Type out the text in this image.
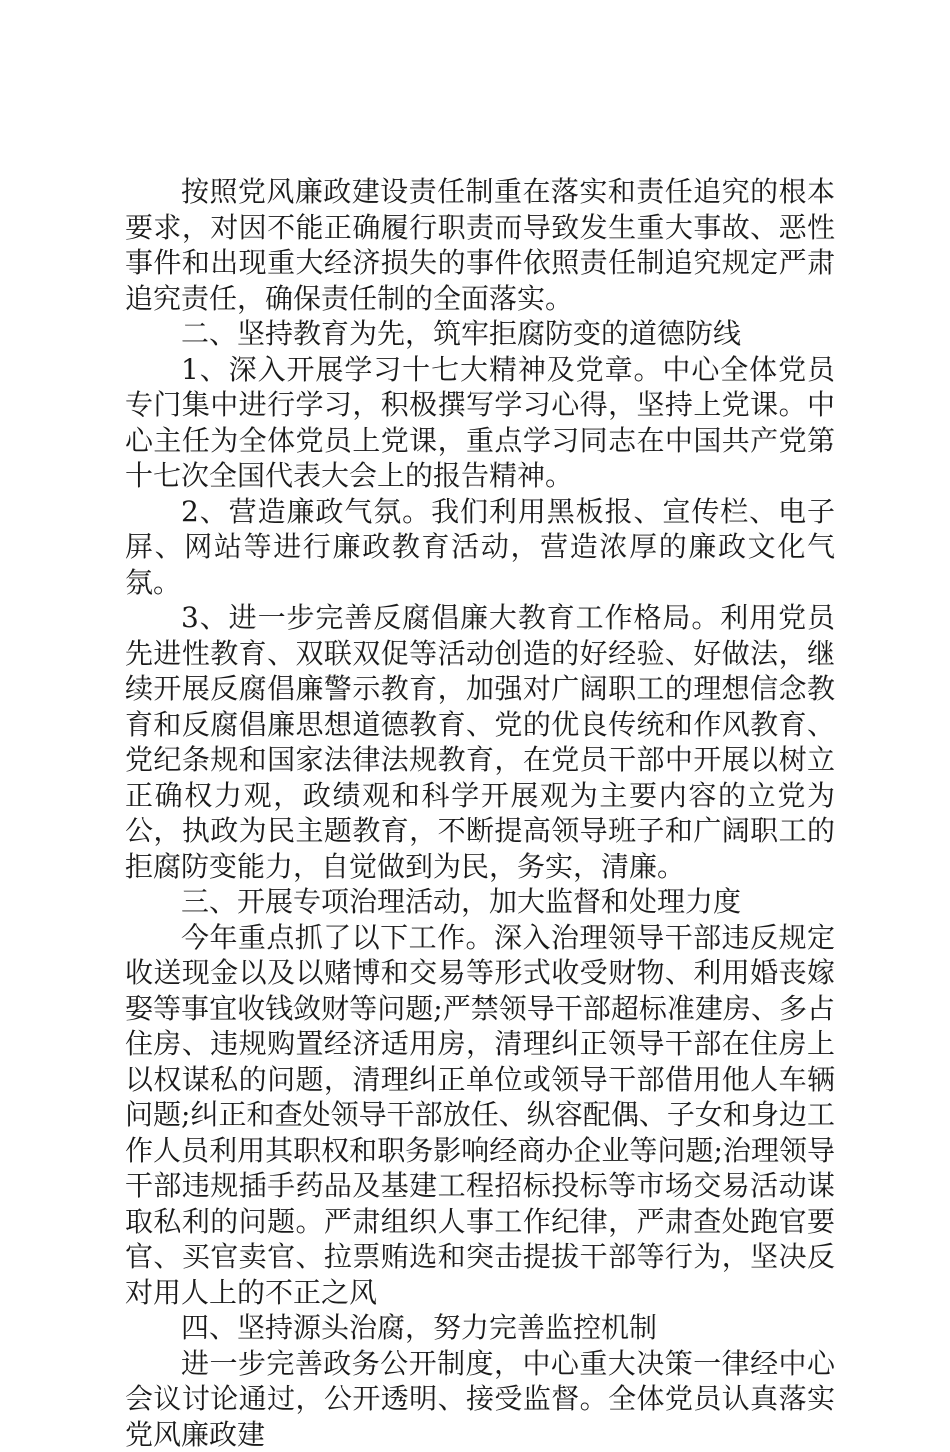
按照党风廉政建设责任制重在落实和责任追究的根本要求，对因不能正确履行职责而导致发生重大事故、恶性事件和出现重大经济损失的事件依照责任制追究规定严肃追究责任，确保责任制的全面落实。

二、坚持教育为先，筑牢拒腐防变的道德防线

1、深入开展学习十七大精神及党章。中心全体党员专门集中进行学习，积极撰写学习心得，坚持上党课。中心主任为全体党员上党课，重点学习同志在中国共产党第十七次全国代表大会上的报告精神。

2、营造廉政气氛。我们利用黑板报、宣传栏、电子屏、网站等进行廉政教育活动，营造浓厚的廉政文化气氛。

3、进一步完善反腐倡廉大教育工作格局。利用党员先进性教育、双联双促等活动创造的好经验、好做法，继续开展反腐倡廉警示教育，加强对广阔职工的理想信念教育和反腐倡廉思想道德教育、党的优良传统和作风教育、党纪条规和国家法律法规教育，在党员干部中开展以树立正确权力观，政绩观和科学开展观为主要内容的立党为公，执政为民主题教育，不断提高领导班子和广阔职工的拒腐防变能力，自觉做到为民，务实，清廉。

三、开展专项治理活动，加大监督和处理力度

今年重点抓了以下工作。深入治理领导干部违反规定收送现金以及以赌博和交易等形式收受财物、利用婚丧嫁娶等事宜收钱敛财等问题;严禁领导干部超标准建房、多占住房、违规购置经济适用房，清理纠正领导干部在住房上以权谋私的问题，清理纠正单位或领导干部借用他人车辆问题;纠正和查处领导干部放任、纵容配偶、子女和身边工作人员利用其职权和职务影响经商办企业等问题;治理领导干部违规插手药品及基建工程招标投标等市场交易活动谋取私利的问题。严肃组织人事工作纪律，严肃查处跑官要官、买官卖官、拉票贿选和突击提拔干部等行为，坚决反对用人上的不正之风

四、坚持源头治腐，努力完善监控机制

进一步完善政务公开制度，中心重大决策一律经中心会议讨论通过，公开透明、接受监督。全体党员认真落实党风廉政建
